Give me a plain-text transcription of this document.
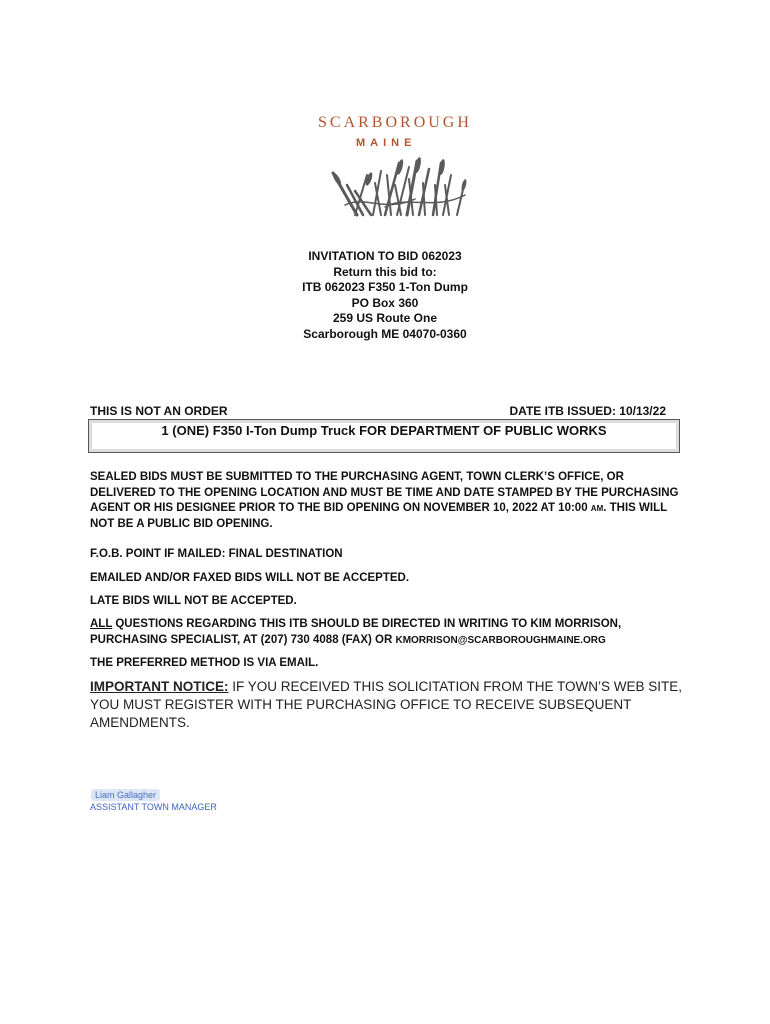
SCARBOROUGH
MAINE
INVITATION TO BID 062023
Return this bid to:
ITB 062023 F350 1-Ton Dump
PO Box 360
259 US Route One
Scarborough ME 04070-0360
THIS IS NOT AN ORDER	DATE ITB ISSUED: 10/13/22
1 (ONE) F350 I-Ton Dump Truck FOR DEPARTMENT OF PUBLIC WORKS
SEALED BIDS MUST BE SUBMITTED TO THE PURCHASING AGENT, TOWN CLERK’S OFFICE, OR DELIVERED TO THE OPENING LOCATION AND MUST BE TIME AND DATE STAMPED BY THE PURCHASING AGENT OR HIS DESIGNEE PRIOR TO THE BID OPENING ON NOVEMBER 10, 2022 AT 10:00 AM. THIS WILL NOT BE A PUBLIC BID OPENING.
F.O.B. POINT IF MAILED: FINAL DESTINATION
EMAILED AND/OR FAXED BIDS WILL NOT BE ACCEPTED.
LATE BIDS WILL NOT BE ACCEPTED.
ALL QUESTIONS REGARDING THIS ITB SHOULD BE DIRECTED IN WRITING TO KIM MORRISON, PURCHASING SPECIALIST, AT (207) 730 4088 (FAX) OR KMORRISON@SCARBOROUGHMAINE.ORG
THE PREFERRED METHOD IS VIA EMAIL.
IMPORTANT NOTICE: IF YOU RECEIVED THIS SOLICITATION FROM THE TOWN’S WEB SITE, YOU MUST REGISTER WITH THE PURCHASING OFFICE TO RECEIVE SUBSEQUENT AMENDMENTS.
Liam Gallagher
ASSISTANT TOWN MANAGER
